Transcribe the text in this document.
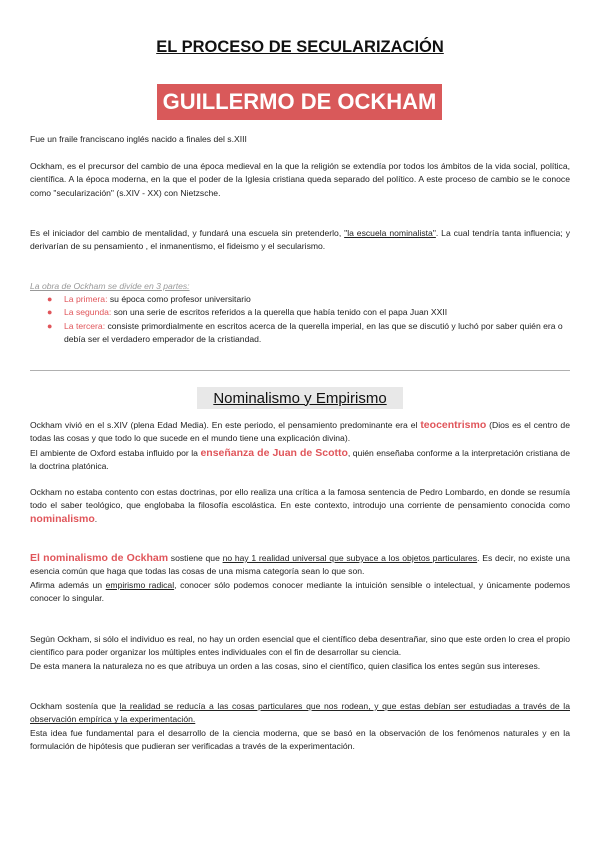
EL PROCESO DE SECULARIZACIÓN
GUILLERMO DE OCKHAM
Fue un fraile franciscano inglés nacido a finales del s.XIII
Ockham, es el precursor del cambio de una época medieval en la que la religión se extendía por todos los ámbitos de la vida social, política, científica. A la época moderna, en la que el poder de la Iglesia cristiana queda separado del político. A este proceso de cambio se le conoce como "secularización" (s.XIV - XX) con Nietzsche.
Es el iniciador del cambio de mentalidad, y fundará una escuela sin pretenderlo, "la escuela nominalista". La cual tendría tanta influencia; y derivarían de su pensamiento , el inmanentismo, el fideismo y el secularismo.
La obra de Ockham se divide en 3 partes:
● La primera: su época como profesor universitario
● La segunda: son una serie de escritos referidos a la querella que había tenido con el papa Juan XXII
● La tercera: consiste primordialmente en escritos acerca de la querella imperial, en las que se discutió y luchó por saber quién era o debía ser el verdadero emperador de la cristiandad.
Nominalismo y Empirismo
Ockham vivió en el s.XIV (plena Edad Media). En este periodo, el pensamiento predominante era el teocentrismo (Dios es el centro de todas las cosas y que todo lo que sucede en el mundo tiene una explicación divina).
El ambiente de Oxford estaba influido por la enseñanza de Juan de Scotto, quién enseñaba conforme a la interpretación cristiana de la doctrina platónica.
Ockham no estaba contento con estas doctrinas, por ello realiza una crítica a la famosa sentencia de Pedro Lombardo, en donde se resumía todo el saber teológico, que englobaba la filosofía escolástica. En este contexto, introdujo una corriente de pensamiento conocida como nominalismo.
El nominalismo de Ockham sostiene que no hay 1 realidad universal que subyace a los objetos particulares. Es decir, no existe una esencia común que haga que todas las cosas de una misma categoría sean lo que son.
Afirma además un empirismo radical, conocer sólo podemos conocer mediante la intuición sensible o intelectual, y únicamente podemos conocer lo singular.
Según Ockham, si sólo el individuo es real, no hay un orden esencial que el científico deba desentrañar, sino que este orden lo crea el propio científico para poder organizar los múltiples entes individuales con el fin de desarrollar su ciencia.
De esta manera la naturaleza no es que atribuya un orden a las cosas, sino el científico, quien clasifica los entes según sus intereses.
Ockham sostenía que la realidad se reducía a las cosas particulares que nos rodean, y que estas debían ser estudiadas a través de la observación empírica y la experimentación.
Esta idea fue fundamental para el desarrollo de la ciencia moderna, que se basó en la observación de los fenómenos naturales y en la formulación de hipótesis que pudieran ser verificadas a través de la experimentación.
